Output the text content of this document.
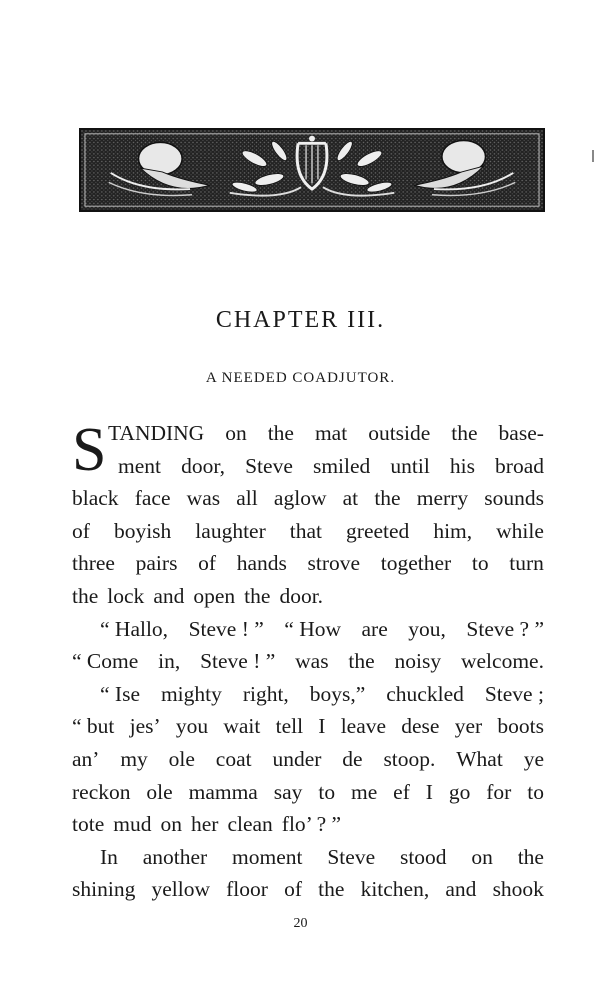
CHAPTER III.
A NEEDED COADJUTOR.
S TANDING on the mat outside the base-
ment door, Steve smiled until his broad
black face was all aglow at the merry sounds
of boyish laughter that greeted him, while
three pairs of hands strove together to turn
the lock and open the door.
“ Hallo, Steve ! ” “ How are you, Steve ? ”
“ Come in, Steve ! ” was the noisy welcome.
“ Ise mighty right, boys,” chuckled Steve ;
“ but jes’ you wait tell I leave dese yer boots
an’ my ole coat under de stoop. What ye
reckon ole mamma say to me ef I go for to
tote mud on her clean flo’ ? ”
In another moment Steve stood on the
shining yellow floor of the kitchen, and shook
20
